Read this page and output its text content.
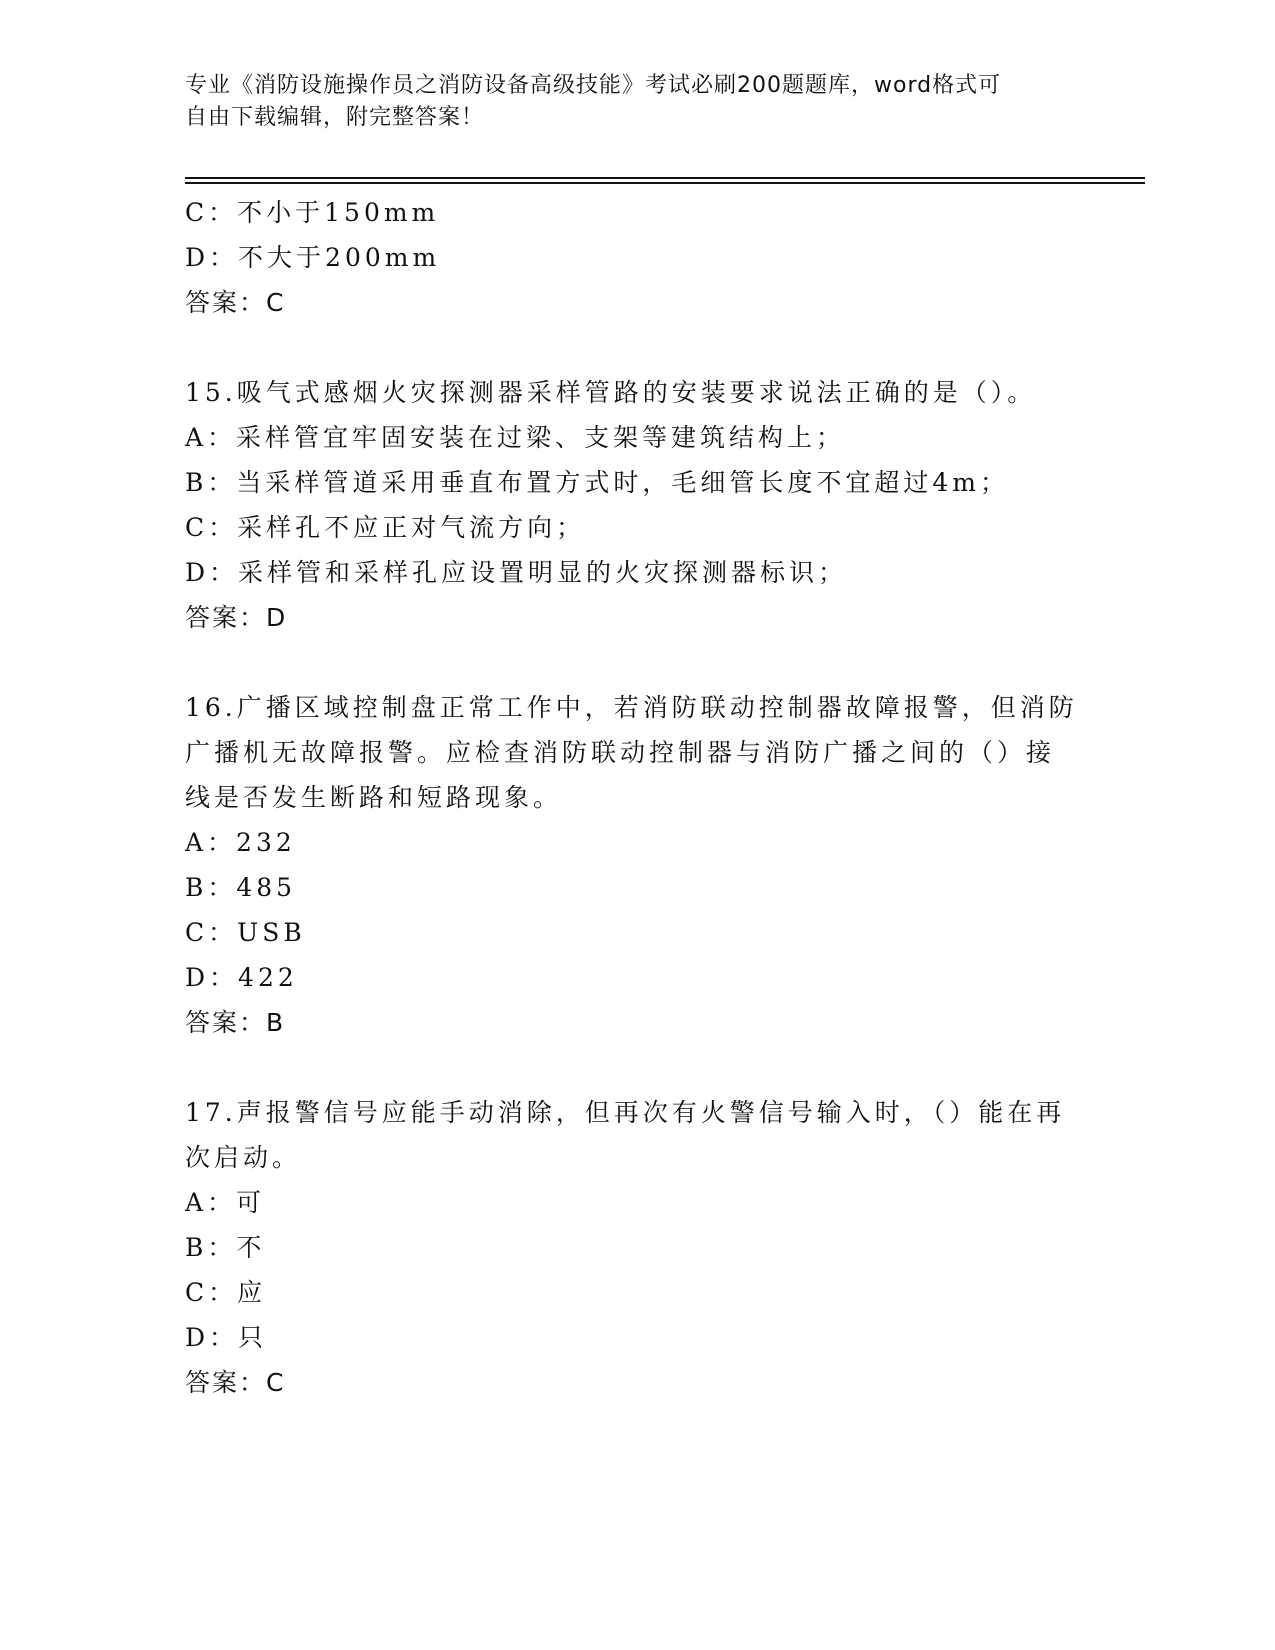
专业《消防设施操作员之消防设备高级技能》考试必刷200题题库，word格式可
自由下载编辑，附完整答案！
C：不小于150mm
D：不大于200mm
答案：C
15.吸气式感烟火灾探测器采样管路的安装要求说法正确的是（）。
A：采样管宜牢固安装在过梁、支架等建筑结构上；
B：当采样管道采用垂直布置方式时，毛细管长度不宜超过4m；
C：采样孔不应正对气流方向；
D：采样管和采样孔应设置明显的火灾探测器标识；
答案：D
16.广播区域控制盘正常工作中，若消防联动控制器故障报警，但消防
广播机无故障报警。应检查消防联动控制器与消防广播之间的（）接
线是否发生断路和短路现象。
A：232
B：485
C：USB
D：422
答案：B
17.声报警信号应能手动消除，但再次有火警信号输入时，（）能在再
次启动。
A：可
B：不
C：应
D：只
答案：C
